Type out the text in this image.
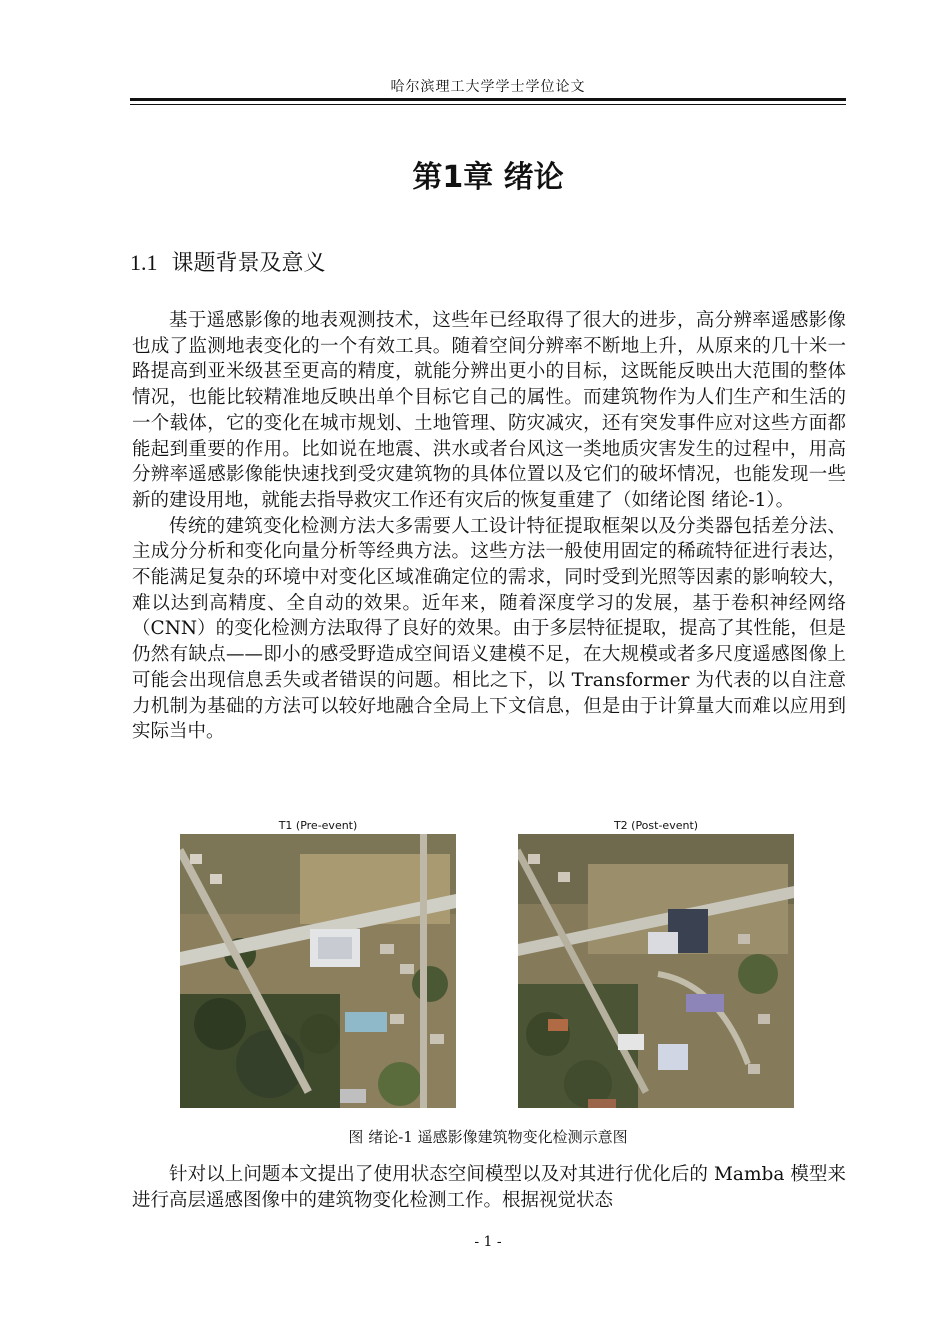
哈尔滨理工大学学士学位论文
第1章 绪论
1.1 课题背景及意义

基于遥感影像的地表观测技术，这些年已经取得了很大的进步，高分辨率遥感影像也成了监测地表变化的一个有效工具。随着空间分辨率不断地上升，从原来的几十米一路提高到亚米级甚至更高的精度，就能分辨出更小的目标，这既能反映出大范围的整体情况，也能比较精准地反映出单个目标它自己的属性。而建筑物作为人们生产和生活的一个载体，它的变化在城市规划、土地管理、防灾减灾，还有突发事件应对这些方面都能起到重要的作用。比如说在地震、洪水或者台风这一类地质灾害发生的过程中，用高分辨率遥感影像能快速找到受灾建筑物的具体位置以及它们的破坏情况，也能发现一些新的建设用地，就能去指导救灾工作还有灾后的恢复重建了（如绪论图 绪论-1）。

传统的建筑变化检测方法大多需要人工设计特征提取框架以及分类器包括差分法、主成分分析和变化向量分析等经典方法。这些方法一般使用固定的稀疏特征进行表达，不能满足复杂的环境中对变化区域准确定位的需求，同时受到光照等因素的影响较大，难以达到高精度、全自动的效果。近年来，随着深度学习的发展，基于卷积神经网络（CNN）的变化检测方法取得了良好的效果。由于多层特征提取，提高了其性能，但是仍然有缺点——即小的感受野造成空间语义建模不足，在大规模或者多尺度遥感图像上可能会出现信息丢失或者错误的问题。相比之下，以 Transformer 为代表的以自注意力机制为基础的方法可以较好地融合全局上下文信息，但是由于计算量大而难以应用到实际当中。

T1 (Pre-event)	T2 (Post-event)
图 绪论-1 遥感影像建筑物变化检测示意图

针对以上问题本文提出了使用状态空间模型以及对其进行优化后的 Mamba 模型来进行高层遥感图像中的建筑物变化检测工作。根据视觉状态

- 1 -
